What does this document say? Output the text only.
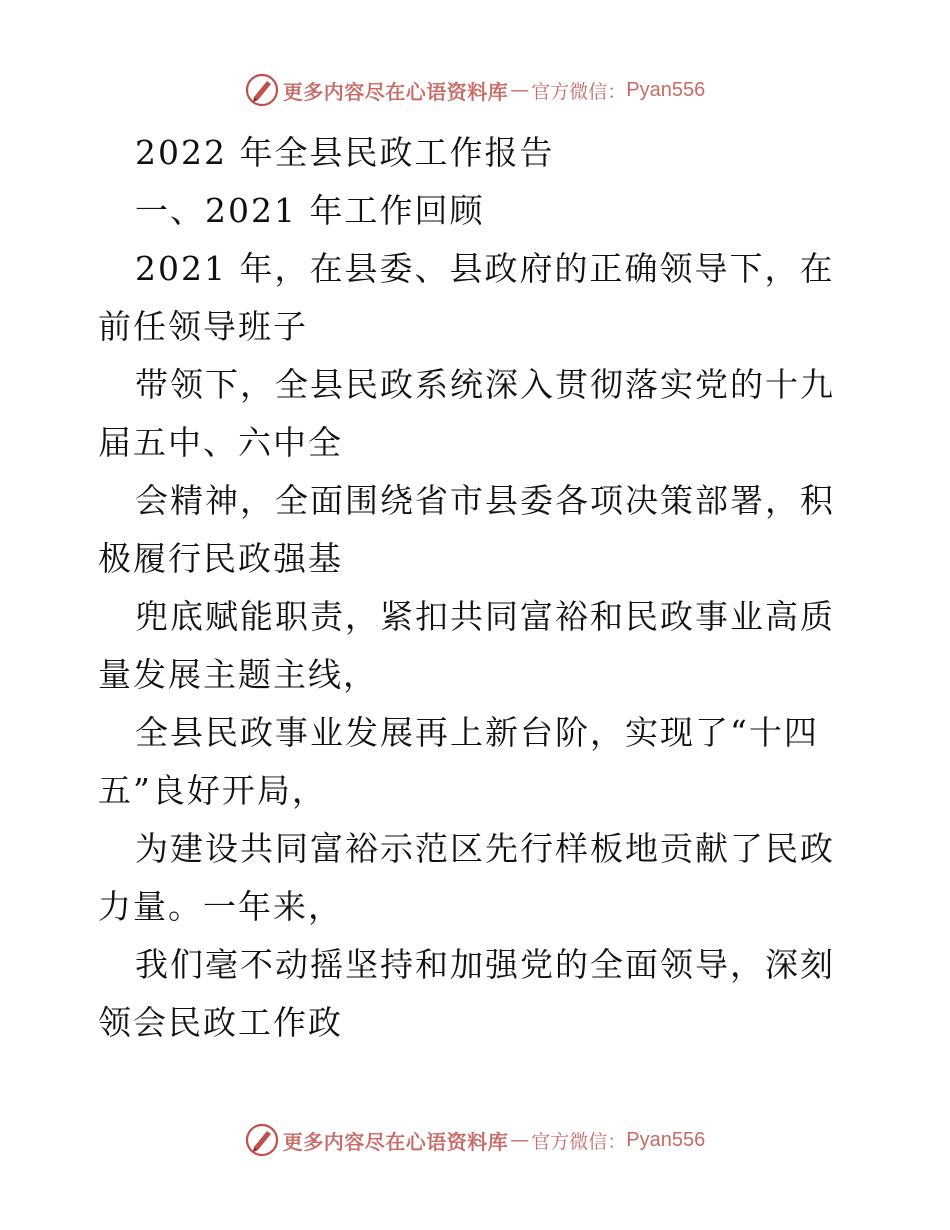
更多内容尽在心语资料库 — 官方微信： Pyan556

2022 年全县民政工作报告

一、2021 年工作回顾

2021 年，在县委、县政府的正确领导下，在前任领导班子

带领下，全县民政系统深入贯彻落实党的十九届五中、六中全

会精神，全面围绕省市县委各项决策部署，积极履行民政强基

兜底赋能职责，紧扣共同富裕和民政事业高质量发展主题主线，

全县民政事业发展再上新台阶，实现了“十四五”良好开局，

为建设共同富裕示范区先行样板地贡献了民政力量。一年来，

我们毫不动摇坚持和加强党的全面领导，深刻领会民政工作政

更多内容尽在心语资料库 — 官方微信： Pyan556
